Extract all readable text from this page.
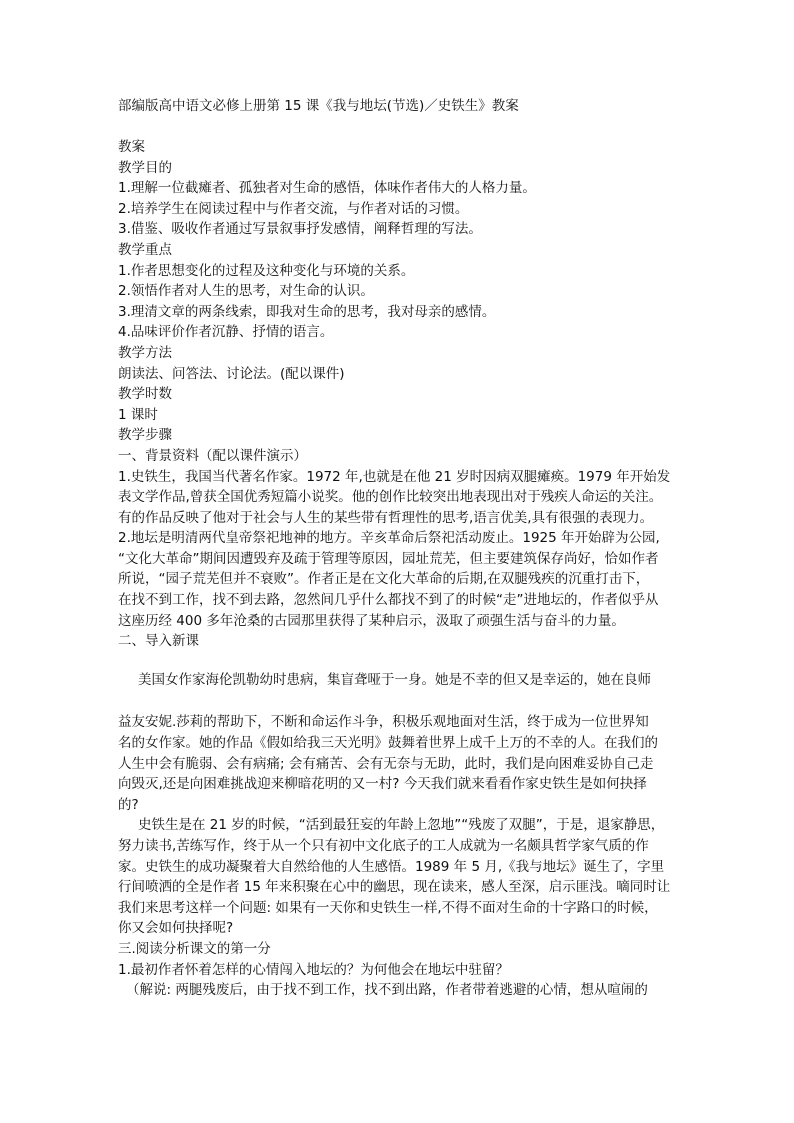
部编版高中语文必修上册第 15 课《我与地坛(节选)／史铁生》教案
教案
教学目的
1.理解一位截瘫者、孤独者对生命的感悟，体味作者伟大的人格力量。
2.培养学生在阅读过程中与作者交流，与作者对话的习惯。
3.借鉴、吸收作者通过写景叙事抒发感情，阐释哲理的写法。
教学重点
1.作者思想变化的过程及这种变化与环境的关系。
2.领悟作者对人生的思考，对生命的认识。
3.理清文章的两条线索，即我对生命的思考，我对母亲的感情。
4.品味评价作者沉静、抒情的语言。
教学方法
朗读法、问答法、讨论法。(配以课件)
教学时数
1 课时
教学步骤
一、背景资料（配以课件演示）
1.史铁生，我国当代著名作家。1972 年,也就是在他 21 岁时因病双腿瘫痪。1979 年开始发
表文学作品,曾获全国优秀短篇小说奖。他的创作比较突出地表现出对于残疾人命运的关注。
有的作品反映了他对于社会与人生的某些带有哲理性的思考,语言优美,具有很强的表现力。
2.地坛是明清两代皇帝祭祀地神的地方。辛亥革命后祭祀活动废止。1925 年开始辟为公园,
“文化大革命”期间因遭毁弃及疏于管理等原因，园址荒芜，但主要建筑保存尚好，恰如作者
所说，“园子荒芜但并不衰败”。作者正是在文化大革命的后期,在双腿残疾的沉重打击下，
在找不到工作，找不到去路，忽然间几乎什么都找不到了的时候“走”进地坛的，作者似乎从
这座历经 400 多年沧桑的古园那里获得了某种启示，汲取了顽强生活与奋斗的力量。
二、导入新课
美国女作家海伦凯勒幼时患病，集盲聋哑于一身。她是不幸的但又是幸运的，她在良师
益友安妮.莎莉的帮助下，不断和命运作斗争，积极乐观地面对生活，终于成为一位世界知
名的女作家。她的作品《假如给我三天光明》鼓舞着世界上成千上万的不幸的人。在我们的
人生中会有脆弱、会有病痛; 会有痛苦、会有无奈与无助，此时，我们是向困难妥协自己走
向毁灭,还是向困难挑战迎来柳暗花明的又一村? 今天我们就来看看作家史铁生是如何抉择
的?
史铁生是在 21 岁的时候，“活到最狂妄的年龄上忽地”“残废了双腿”，于是，退家静思，
努力读书,苦练写作，终于从一个只有初中文化底子的工人成就为一名颇具哲学家气质的作
家。史铁生的成功凝聚着大自然给他的人生感悟。1989 年 5 月,《我与地坛》诞生了，字里
行间喷洒的全是作者 15 年来积聚在心中的幽思，现在读来，感人至深，启示匪浅。嘀同时让
我们来思考这样一个问题: 如果有一天你和史铁生一样,不得不面对生命的十字路口的时候，
你又会如何抉择呢?
三.阅读分析课文的第一分
1.最初作者怀着怎样的心情闯入地坛的？为何他会在地坛中驻留？
（解说: 两腿残废后，由于找不到工作，找不到出路，作者带着逃避的心情，想从喧闹的
